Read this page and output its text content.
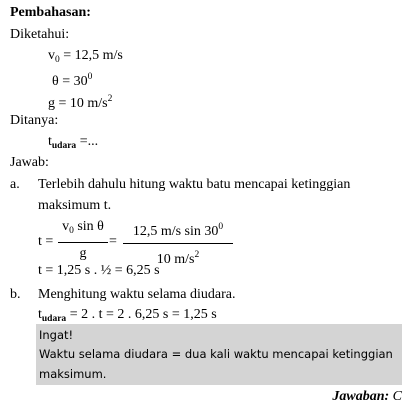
Pembahasan:
Diketahui:
$v_0 = 12,5$ m/s
$\theta = 30^0$
g = 10 $m/s^2$
Ditanya:
$t_{udara}$ =...
Jawab:
a. Terlebih dahulu hitung waktu batu mencapai ketinggian
maksimum t.
t =
$v_0$ sin θ
g
=
12,5 m/s $\sin 30^0$
10 $m/s^2$
t = 1,25 s . ½ = 6,25 s
b. Menghitung waktu selama diudara.
$t_{udara} = 2$ . t = 2 . 6,25 s = 1,25 s
Ingat!
Waktu selama diudara = dua kali waktu mencapai ketinggian
maksimum.
Jawaban: C
